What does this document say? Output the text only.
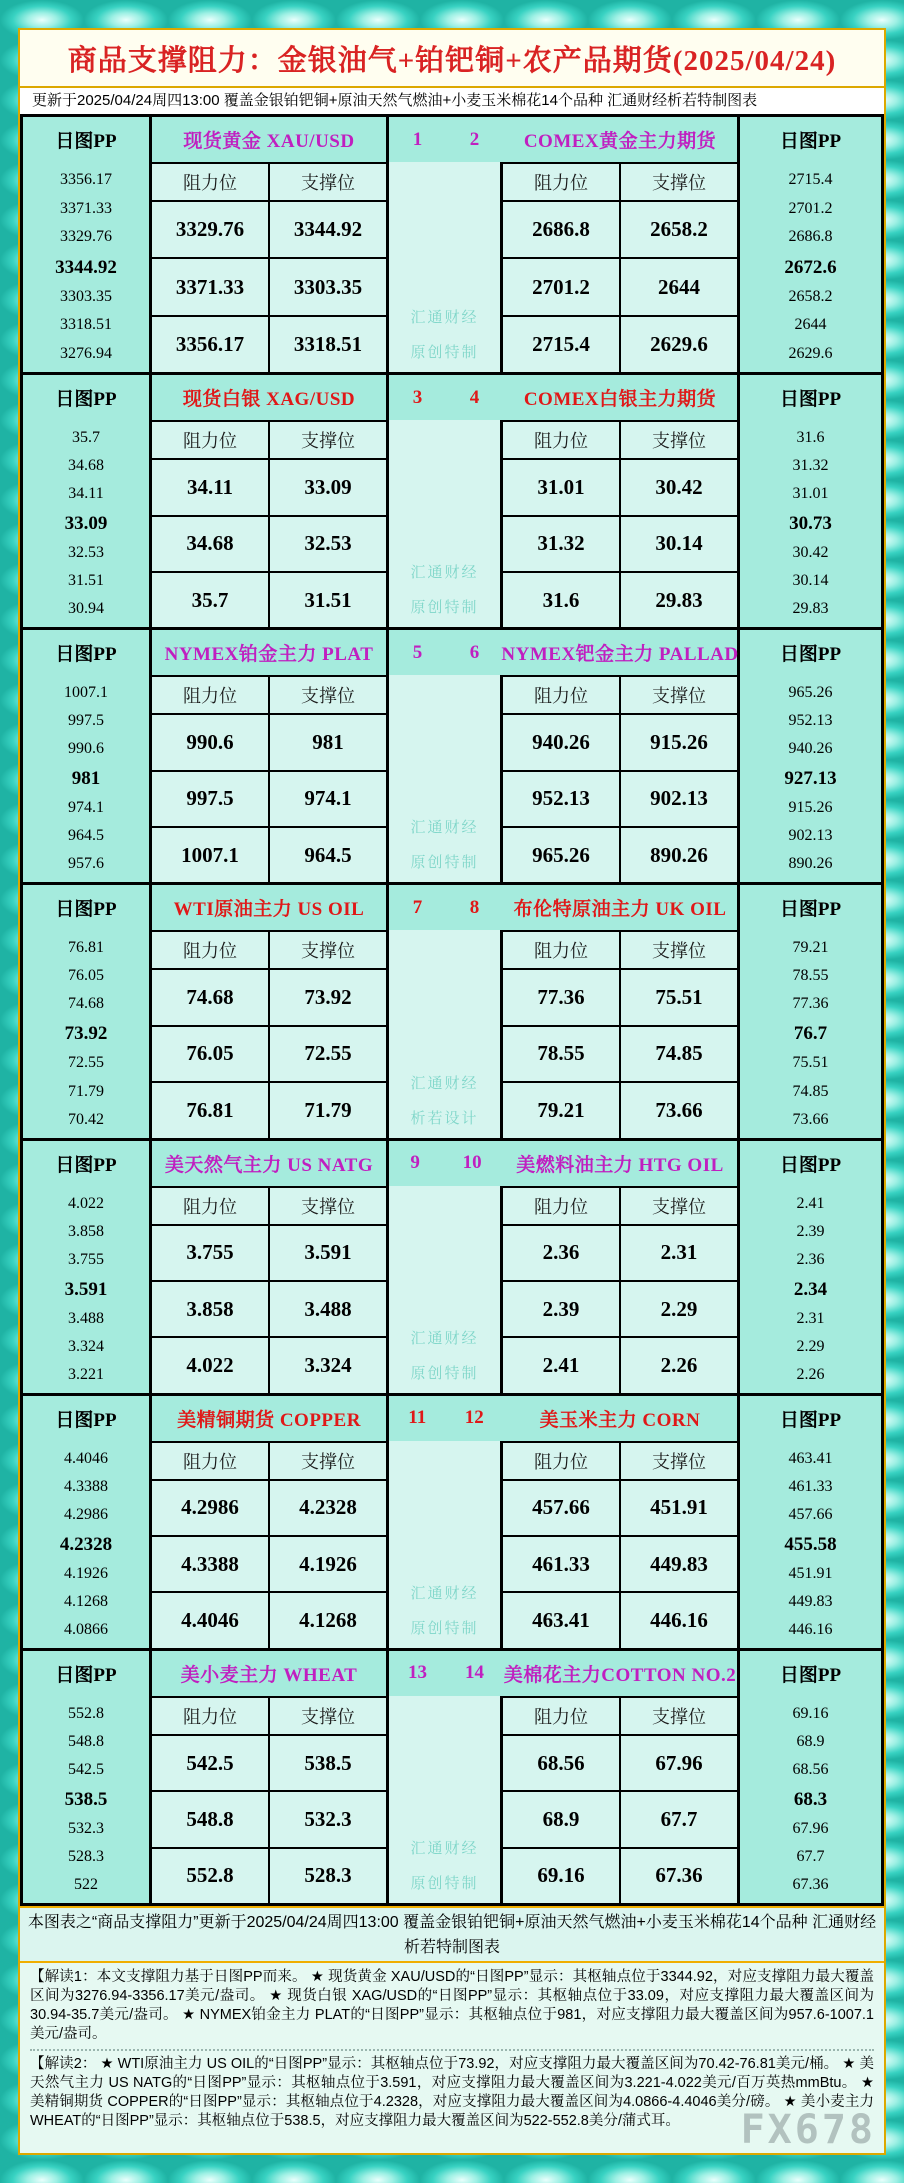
商品支撑阻力：金银油气+铂钯铜+农产品期货(2025/04/24)
更新于2025/04/24周四13:00 覆盖金银铂钯铜+原油天然气燃油+小麦玉米棉花14个品种 汇通财经析若特制图表
日图PP	现货黄金 XAU/USD	1	2	COMEX黄金主力期货	日图PP
3356.17
3371.33
3329.76
3344.92
3303.35
3318.51
3276.94
2715.4
2701.2
2686.8
2672.6
2658.2
2644
2629.6
阻力位	支撑位
3329.76	3344.92
3371.33	3303.35
3356.17	3318.51
阻力位	支撑位
2686.8	2658.2
2701.2	2644
2715.4	2629.6
汇通财经
原创特制
日图PP	现货白银 XAG/USD	3	4	COMEX白银主力期货	日图PP
35.7
34.68
34.11
33.09
32.53
31.51
30.94
31.6
31.32
31.01
30.73
30.42
30.14
29.83
阻力位	支撑位
34.11	33.09
34.68	32.53
35.7	31.51
阻力位	支撑位
31.01	30.42
31.32	30.14
31.6	29.83
汇通财经
原创特制
日图PP	NYMEX铂金主力 PLAT	5	6 NYMEX钯金主力 PALLAD	日图PP
1007.1
997.5
990.6
981
974.1
964.5
957.6
965.26
952.13
940.26
927.13
915.26
902.13
890.26
阻力位	支撑位
990.6	981
997.5	974.1
1007.1	964.5
阻力位	支撑位
940.26	915.26
952.13	902.13
965.26	890.26
汇通财经
原创特制
日图PP	WTI原油主力 US OIL	7	8	布伦特原油主力 UK OIL	日图PP
76.81
76.05
74.68
73.92
72.55
71.79
70.42
79.21
78.55
77.36
76.7
75.51
74.85
73.66
阻力位	支撑位
74.68	73.92
76.05	72.55
76.81	71.79
阻力位	支撑位
77.36	75.51
78.55	74.85
79.21	73.66
汇通财经
析若设计
日图PP	美天然气主力 US NATG	9 10	美燃料油主力 HTG OIL	日图PP
4.022
3.858
3.755
3.591
3.488
3.324
3.221
2.41
2.39
2.36
2.34
2.31
2.29
2.26
阻力位	支撑位
3.755	3.591
3.858	3.488
4.022	3.324
阻力位	支撑位
2.36	2.31
2.39	2.29
2.41	2.26
汇通财经
原创特制
日图PP	美精铜期货 COPPER	11 12	美玉米主力 CORN	日图PP
4.4046
4.3388
4.2986
4.2328
4.1926
4.1268
4.0866
463.41
461.33
457.66
455.58
451.91
449.83
446.16
阻力位	支撑位
4.2986	4.2328
4.3388	4.1926
4.4046	4.1268
阻力位	支撑位
457.66	451.91
461.33	449.83
463.41	446.16
汇通财经
原创特制
日图PP	美小麦主力 WHEAT	13 14 美棉花主力COTTON NO.2	日图PP
552.8
548.8
542.5
538.5
532.3
528.3
522
69.16
68.9
68.56
68.3
67.96
67.7
67.36
阻力位	支撑位
542.5	538.5
548.8	532.3
552.8	528.3
阻力位	支撑位
68.56	67.96
68.9	67.7
69.16	67.36
汇通财经
原创特制
本图表之“商品支撑阻力”更新于2025/04/24周四13:00 覆盖金银铂钯铜+原油天然气燃油+小麦玉米棉花14个品种 汇通财经
析若特制图表

【解读1：本文支撑阻力基于日图PP而来。 ★ 现货黄金 XAU/USD的“日图PP”显示：其枢轴点位于3344.92，对应支撑阻力最大覆盖区间为3276.94-3356.17美元/盎司。 ★ 现货白银 XAG/USD的“日图PP”显示：其枢轴点位于33.09，对应支撑阻力最大覆盖区间为30.94-35.7美元/盎司。 ★ NYMEX铂金主力 PLAT的“日图PP”显示：其枢轴点位于981，对应支撑阻力最大覆盖区间为957.6-1007.1美元/盎司。

【解读2： ★ WTI原油主力 US OIL的“日图PP”显示：其枢轴点位于73.92，对应支撑阻力最大覆盖区间为70.42-76.81美元/桶。 ★ 美天然气主力 US NATG的“日图PP”显示：其枢轴点位于3.591，对应支撑阻力最大覆盖区间为3.221-4.022美元/百万英热mmBtu。 ★ 美精铜期货 COPPER的“日图PP”显示：其枢轴点位于4.2328，对应支撑阻力最大覆盖区间为4.0866-4.4046美分/磅。 ★ 美小麦主力 WHEAT的“日图PP”显示：其枢轴点位于538.5，对应支撑阻力最大覆盖区间为522-552.8美分/蒲式耳。	FX678
